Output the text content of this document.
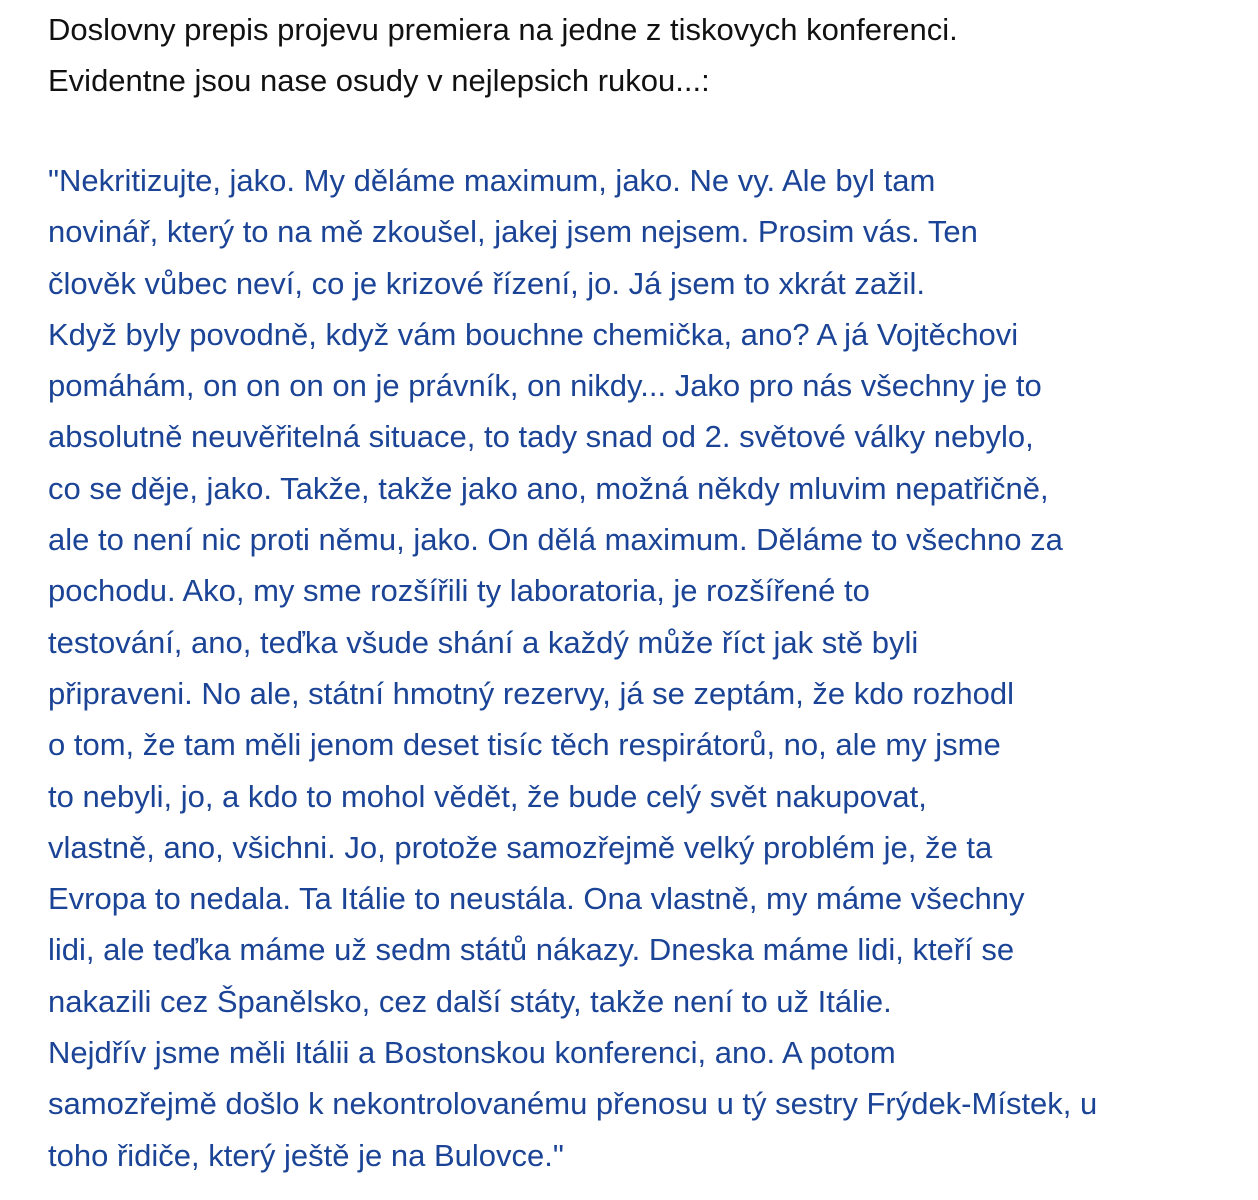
Doslovny prepis projevu premiera na jedne z tiskovych konferenci.
Evidentne jsou nase osudy v nejlepsich rukou...:
"Nekritizujte, jako. My děláme maximum, jako. Ne vy. Ale byl tam
novinář, který to na mě zkoušel, jakej jsem nejsem. Prosim vás. Ten
člověk vůbec neví, co je krizové řízení, jo. Já jsem to xkrát zažil.
Když byly povodně, když vám bouchne chemička, ano? A já Vojtěchovi
pomáhám, on on on on je právník, on nikdy... Jako pro nás všechny je to
absolutně neuvěřitelná situace, to tady snad od 2. světové války nebylo,
co se děje, jako. Takže, takže jako ano, možná někdy mluvim nepatřičně,
ale to není nic proti němu, jako. On dělá maximum. Děláme to všechno za
pochodu. Ako, my sme rozšířili ty laboratoria, je rozšířené to
testování, ano, teďka všude shání a každý může říct jak stě byli
připraveni. No ale, státní hmotný rezervy, já se zeptám, že kdo rozhodl
o tom, že tam měli jenom deset tisíc těch respirátorů, no, ale my jsme
to nebyli, jo, a kdo to mohol vědět, že bude celý svět nakupovat,
vlastně, ano, všichni. Jo, protože samozřejmě velký problém je, že ta
Evropa to nedala. Ta Itálie to neustála. Ona vlastně, my máme všechny
lidi, ale teďka máme už sedm států nákazy. Dneska máme lidi, kteří se
nakazili cez Španělsko, cez další státy, takže není to už Itálie.
Nejdřív jsme měli Itálii a Bostonskou konferenci, ano. A potom
samozřejmě došlo k nekontrolovanému přenosu u tý sestry Frýdek-Místek, u
toho řidiče, který ještě je na Bulovce."
